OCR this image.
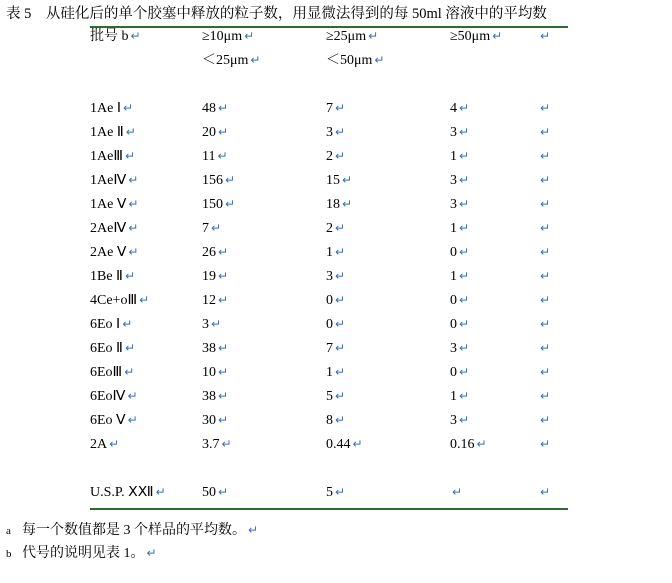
表 5 从硅化后的单个胶塞中释放的粒子数，用显微法得到的每 50ml 溶液中的平均数
批号 b ↵	≥10μm ↵	≥25μm ↵	≥50μm ↵	↵
	＜25μm ↵	＜50μm ↵		

1Ae Ⅰ ↵	48 ↵	7 ↵	4 ↵	↵
1Ae Ⅱ ↵	20 ↵	3 ↵	3 ↵	↵
1AeⅢ ↵	11 ↵	2 ↵	1 ↵	↵
1AeⅣ ↵	156 ↵	15 ↵	3 ↵	↵
1Ae Ⅴ ↵	150 ↵	18 ↵	3 ↵	↵
2AeⅣ ↵	7 ↵	2 ↵	1 ↵	↵
2Ae Ⅴ ↵	26 ↵	1 ↵	0 ↵	↵
1Be Ⅱ ↵	19 ↵	3 ↵	1 ↵	↵
4Ce+oⅢ ↵	12 ↵	0 ↵	0 ↵	↵
6Eo Ⅰ ↵	3 ↵	0 ↵	0 ↵	↵
6Eo Ⅱ ↵	38 ↵	7 ↵	3 ↵	↵
6EoⅢ ↵	10 ↵	1 ↵	0 ↵	↵
6EoⅣ ↵	38 ↵	5 ↵	1 ↵	↵
6Eo Ⅴ ↵	30 ↵	8 ↵	3 ↵	↵
2A ↵	3.7 ↵	0.44 ↵	0.16 ↵	↵

U.S.P. ⅩⅫ ↵	50 ↵	5 ↵	↵	↵
a 每一个数值都是 3 个样品的平均数。 ↵
b 代号的说明见表 1。 ↵
